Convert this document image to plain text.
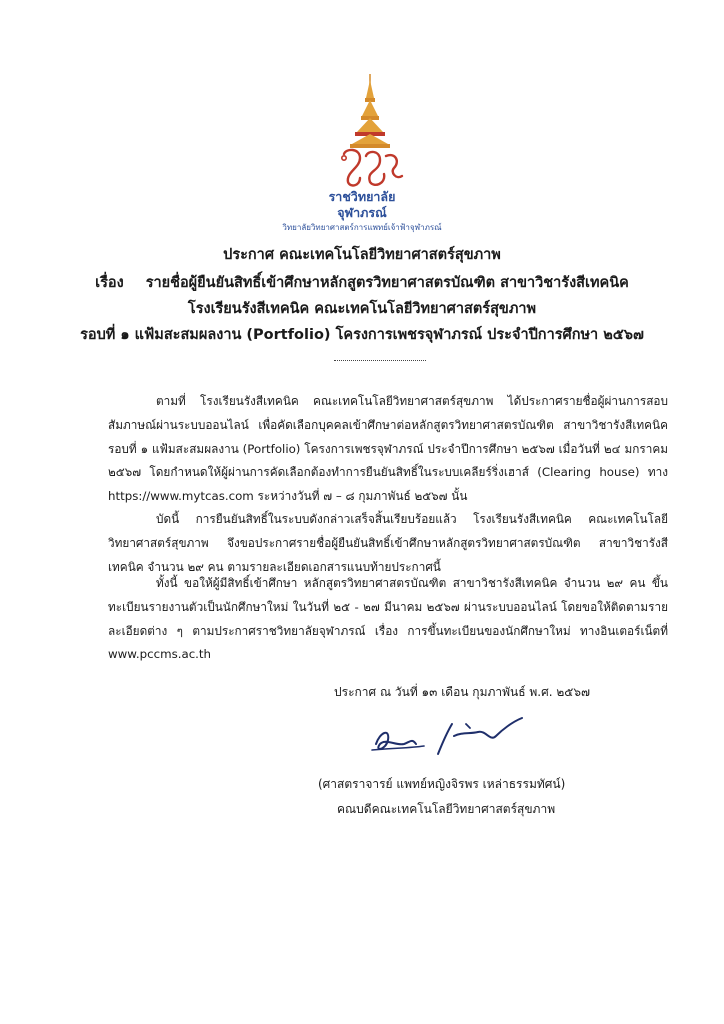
ราชวิทยาลัย
จุฬาภรณ์
วิทยาลัยวิทยาศาสตร์การแพทย์เจ้าฟ้าจุฬาภรณ์
ประกาศ คณะเทคโนโลยีวิทยาศาสตร์สุขภาพ
เรื่อง รายชื่อผู้ยืนยันสิทธิ์เข้าศึกษาหลักสูตรวิทยาศาสตรบัณฑิต สาขาวิชารังสีเทคนิค
โรงเรียนรังสีเทคนิค คณะเทคโนโลยีวิทยาศาสตร์สุขภาพ
รอบที่ ๑ แฟ้มสะสมผลงาน (Portfolio) โครงการเพชรจุฬาภรณ์ ประจำปีการศึกษา ๒๕๖๗

ตามที่ โรงเรียนรังสีเทคนิค คณะเทคโนโลยีวิทยาศาสตร์สุขภาพ ได้ประกาศรายชื่อผู้ผ่านการสอบสัมภาษณ์ผ่านระบบออนไลน์ เพื่อคัดเลือกบุคคลเข้าศึกษาต่อหลักสูตรวิทยาศาสตรบัณฑิต สาขาวิชารังสีเทคนิค รอบที่ ๑ แฟ้มสะสมผลงาน (Portfolio) โครงการเพชรจุฬาภรณ์ ประจำปีการศึกษา ๒๕๖๗ เมื่อวันที่ ๒๔ มกราคม ๒๕๖๗ โดยกำหนดให้ผู้ผ่านการคัดเลือกต้องทำการยืนยันสิทธิ์ในระบบเคลียร์ริ่งเฮาส์ (Clearing house) ทาง https://www.mytcas.com ระหว่างวันที่ ๗ – ๘ กุมภาพันธ์ ๒๕๖๗ นั้น

บัดนี้ การยืนยันสิทธิ์ในระบบดังกล่าวเสร็จสิ้นเรียบร้อยแล้ว โรงเรียนรังสีเทคนิค คณะเทคโนโลยีวิทยาศาสตร์สุขภาพ จึงขอประกาศรายชื่อผู้ยืนยันสิทธิ์เข้าศึกษาหลักสูตรวิทยาศาสตรบัณฑิต สาขาวิชารังสีเทคนิค จำนวน ๒๙ คน ตามรายละเอียดเอกสารแนบท้ายประกาศนี้

ทั้งนี้ ขอให้ผู้มีสิทธิ์เข้าศึกษา หลักสูตรวิทยาศาสตรบัณฑิต สาขาวิชารังสีเทคนิค จำนวน ๒๙ คน ขึ้นทะเบียนรายงานตัวเป็นนักศึกษาใหม่ ในวันที่ ๒๕ - ๒๗ มีนาคม ๒๕๖๗ ผ่านระบบออนไลน์ โดยขอให้ติดตามรายละเอียดต่าง ๆ ตามประกาศราชวิทยาลัยจุฬาภรณ์ เรื่อง การขึ้นทะเบียนของนักศึกษาใหม่ ทางอินเตอร์เน็ตที่ www.pccms.ac.th

ประกาศ ณ วันที่ ๑๓ เดือน กุมภาพันธ์ พ.ศ. ๒๕๖๗
(ศาสตราจารย์ แพทย์หญิงจิรพร เหล่าธรรมทัศน์)
คณบดีคณะเทคโนโลยีวิทยาศาสตร์สุขภาพ
